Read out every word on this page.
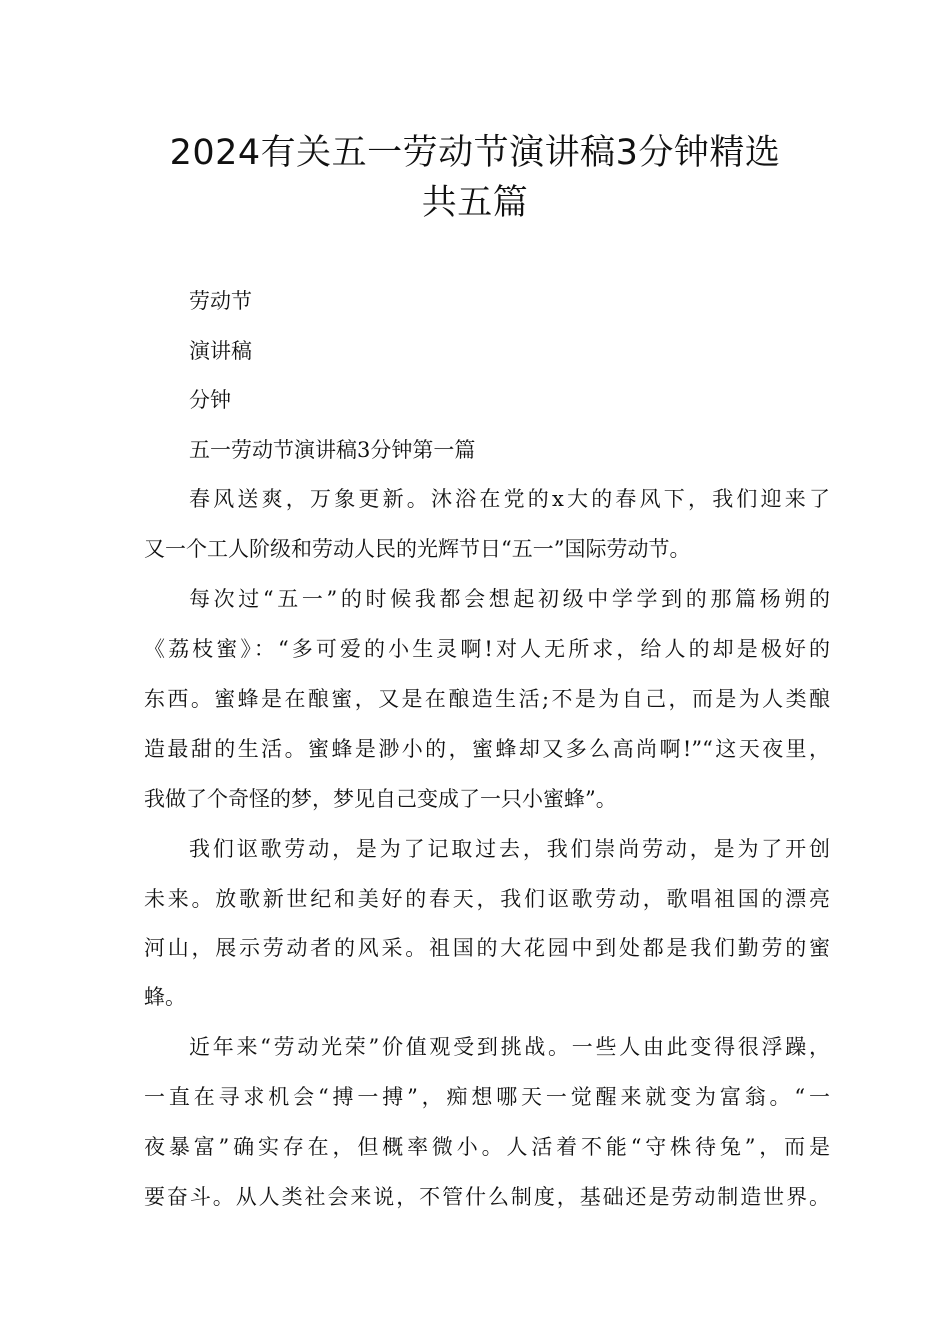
2024有关五一劳动节演讲稿3分钟精选
共五篇

劳动节

演讲稿

分钟

五一劳动节演讲稿3分钟第一篇

春风送爽，万象更新。沐浴在党的x大的春风下，我们迎来了

又一个工人阶级和劳动人民的光辉节日“五一”国际劳动节。

每次过“五一”的时候我都会想起初级中学学到的那篇杨朔的

《荔枝蜜》：“多可爱的小生灵啊!对人无所求，给人的却是极好的

东西。蜜蜂是在酿蜜，又是在酿造生活;不是为自己，而是为人类酿

造最甜的生活。蜜蜂是渺小的，蜜蜂却又多么高尚啊!”“这天夜里，

我做了个奇怪的梦，梦见自己变成了一只小蜜蜂”。

我们讴歌劳动，是为了记取过去，我们崇尚劳动，是为了开创

未来。放歌新世纪和美好的春天，我们讴歌劳动，歌唱祖国的漂亮

河山，展示劳动者的风采。祖国的大花园中到处都是我们勤劳的蜜

蜂。

近年来“劳动光荣”价值观受到挑战。一些人由此变得很浮躁，

一直在寻求机会“搏一搏”，痴想哪天一觉醒来就变为富翁。“一

夜暴富”确实存在，但概率微小。人活着不能“守株待兔”，而是

要奋斗。从人类社会来说，不管什么制度，基础还是劳动制造世界。
